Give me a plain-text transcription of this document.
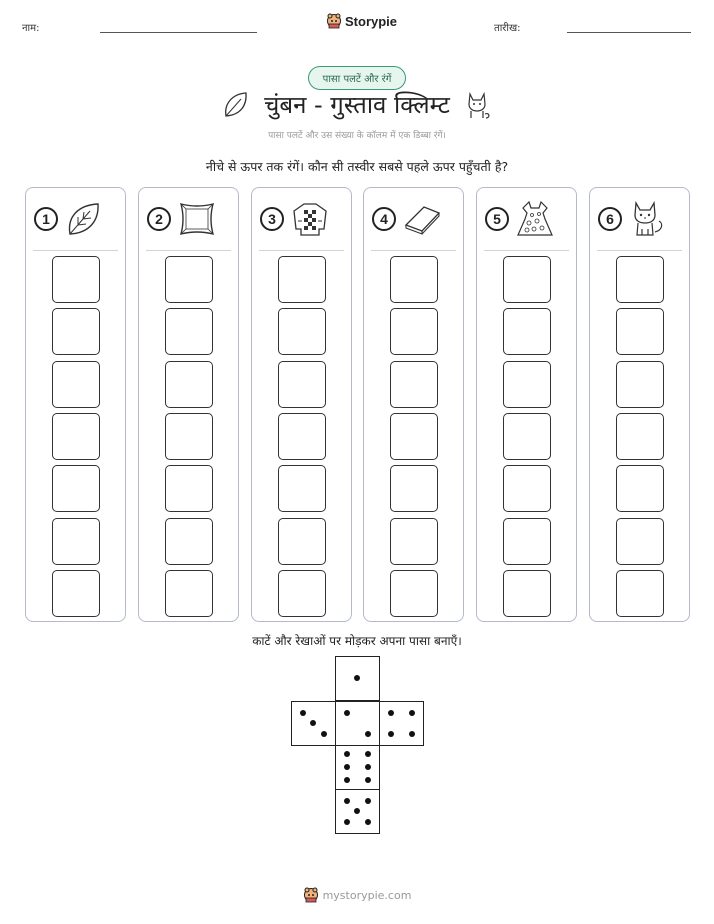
नाम:	Storypie	तारीख:
पासा पलटें और रंगें
चुंबन - गुस्ताव क्लिम्ट
पासा पलटें और उस संख्या के कॉलम में एक डिब्बा रंगें।
नीचे से ऊपर तक रंगें। कौन सी तस्वीर सबसे पहले ऊपर पहुँचती है?
1	2	3	4	5	6
काटें और रेखाओं पर मोड़कर अपना पासा बनाएँ।
mystorypie.com
